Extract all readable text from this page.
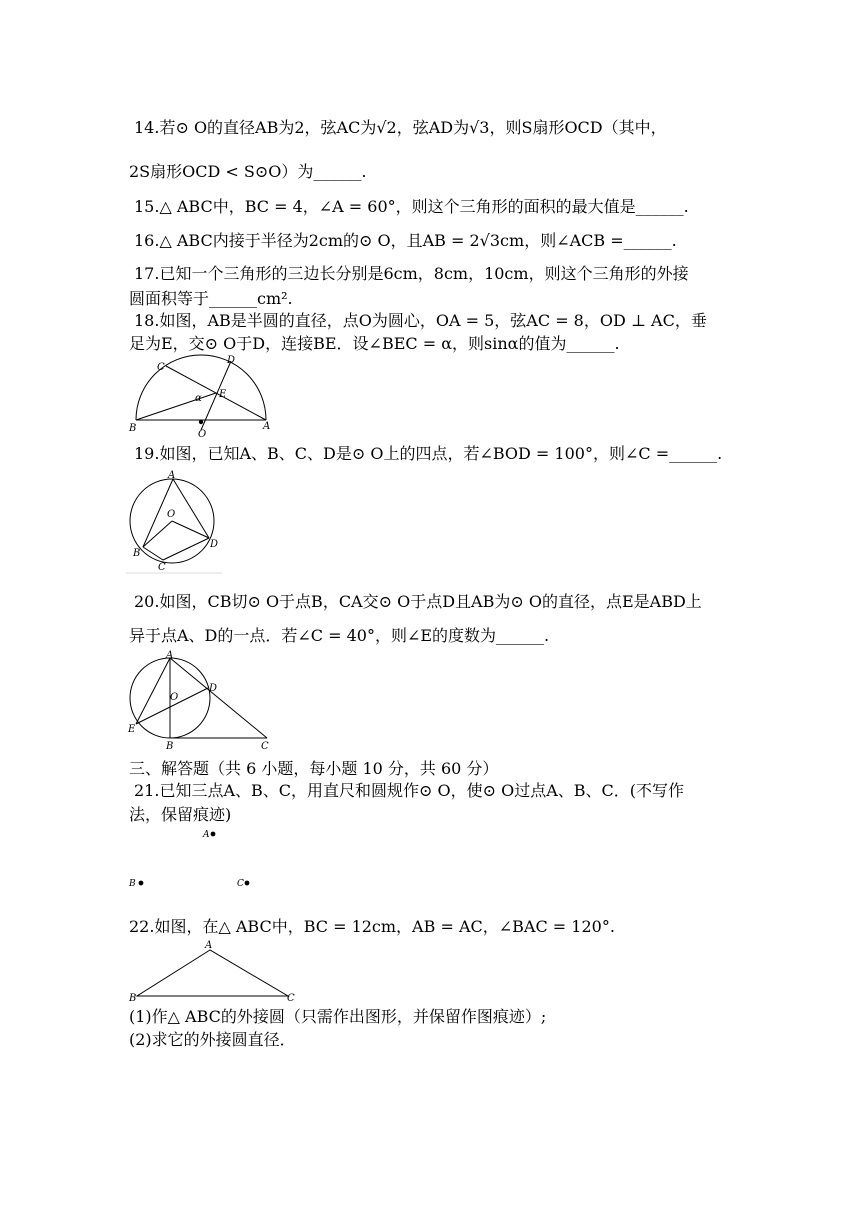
14.若⊙ O的直径AB为2，弦AC为√2，弦AD为√3，则S扇形OCD（其中，
2S扇形OCD < S⊙O）为______.
15.△ ABC中，BC = 4，∠A = 60°，则这个三角形的面积的最大值是______.
16.△ ABC内接于半径为2cm的⊙ O，且AB = 2√3cm，则∠ACB =______.
17.已知一个三角形的三边长分别是6cm，8cm，10cm，则这个三角形的外接
圆面积等于______cm².
18.如图，AB是半圆的直径，点O为圆心，OA = 5，弦AC = 8，OD ⊥ AC，垂
足为E，交⊙ O于D，连接BE．设∠BEC = α，则sinα的值为______.
C
D
E
α
B	A
O
19.如图，已知A、B、C、D是⊙ O上的四点，若∠BOD = 100°，则∠C =______.
A
O
B
D
C
20.如图，CB切⊙ O于点B，CA交⊙ O于点D且AB为⊙ O的直径，点E是ABD上
异于点A、D的一点．若∠C = 40°，则∠E的度数为______.
A
O
D
E
B	C
三、解答题（共 6 小题，每小题 10 分，共 60 分）
21.已知三点A、B、C，用直尺和圆规作⊙ O，使⊙ O过点A、B、C．(不写作
法，保留痕迹)
A
B	C
22.如图，在△ ABC中，BC = 12cm，AB = AC，∠BAC = 120°.
A
B	C
(1)作△ ABC的外接圆（只需作出图形，并保留作图痕迹）;
(2)求它的外接圆直径．
